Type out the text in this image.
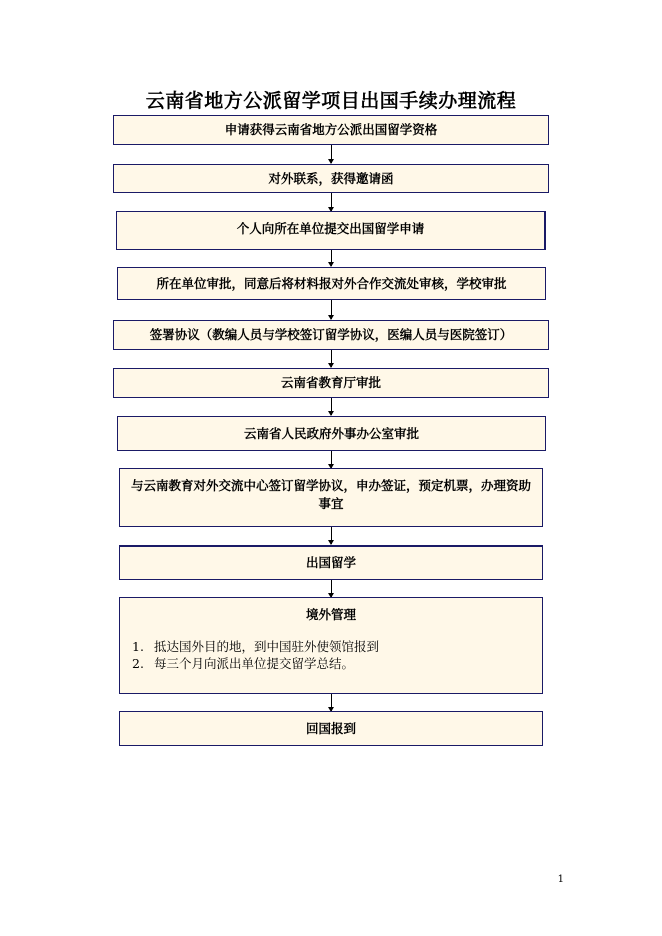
云南省地方公派留学项目出国手续办理流程
申请获得云南省地方公派出国留学资格
对外联系，获得邀请函
个人向所在单位提交出国留学申请
所在单位审批，同意后将材料报对外合作交流处审核，学校审批
签署协议（教编人员与学校签订留学协议，医编人员与医院签订）
云南省教育厅审批
云南省人民政府外事办公室审批
与云南教育对外交流中心签订留学协议，申办签证，预定机票，办理资助事宜
出国留学
境外管理
1. 抵达国外目的地，到中国驻外使领馆报到
2. 每三个月向派出单位提交留学总结。
回国报到
1
